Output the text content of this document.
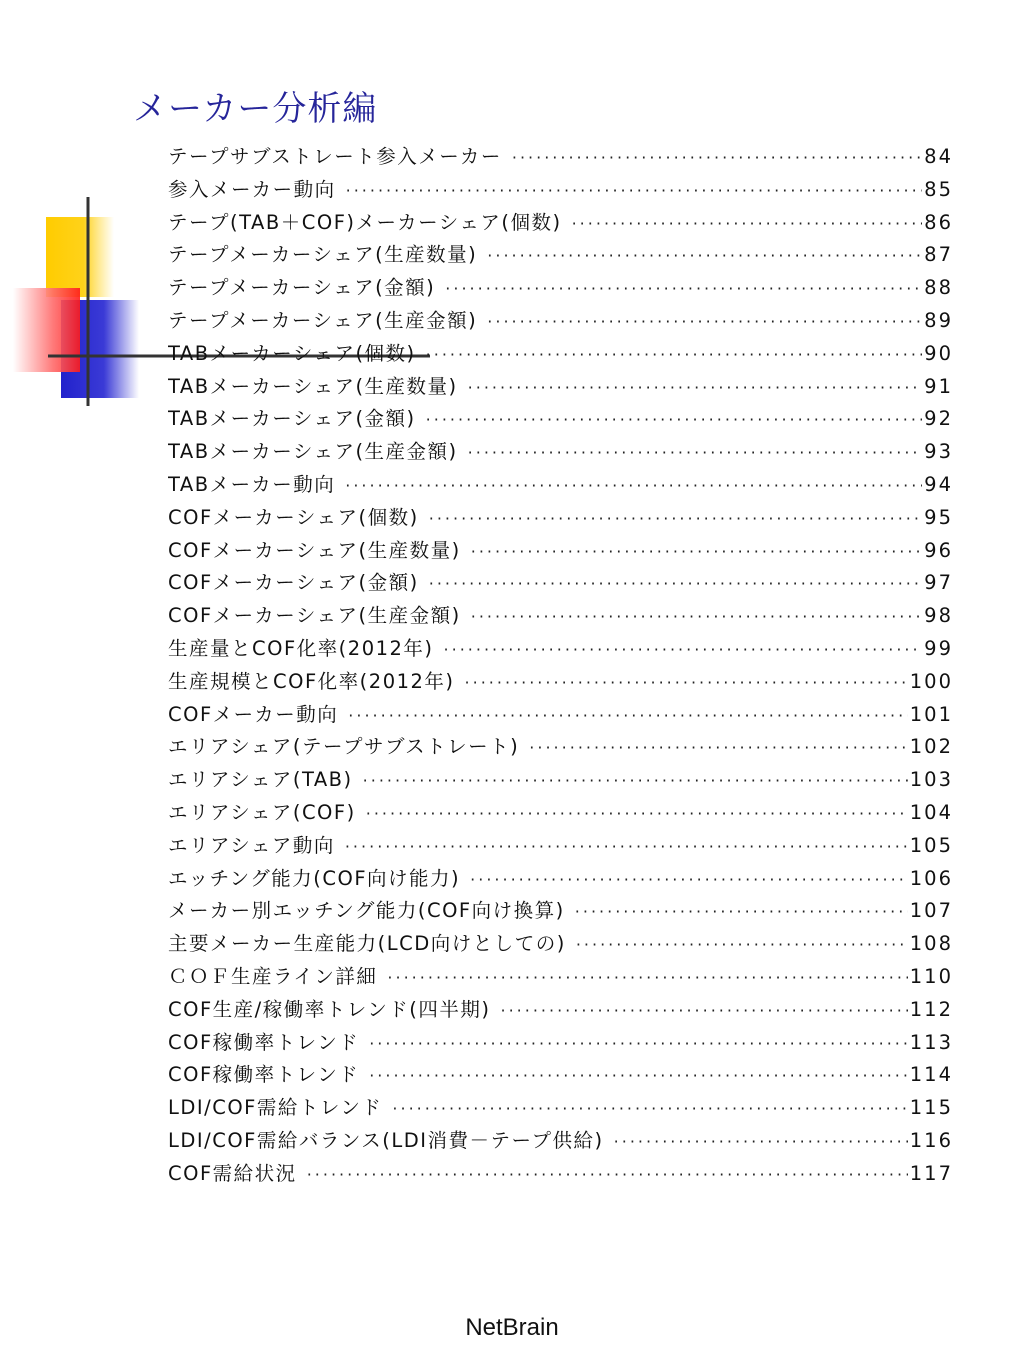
メーカー分析編
テープサブストレート参入メーカー ·····	84
参入メーカー動向 ·····	85
テープ(TAB＋COF)メーカーシェア(個数) ·····	86
テープメーカーシェア(生産数量) ·····	87
テープメーカーシェア(金額) ·····	88
テープメーカーシェア(生産金額) ·····	89
TABメーカーシェア(個数) ·····	90
TABメーカーシェア(生産数量) ·····	91
TABメーカーシェア(金額) ·····	92
TABメーカーシェア(生産金額) ·····	93
TABメーカー動向 ·····	94
COFメーカーシェア(個数) ·····	95
COFメーカーシェア(生産数量) ·····	96
COFメーカーシェア(金額) ·····	97
COFメーカーシェア(生産金額) ·····	98
生産量とCOF化率(2012年) ·····	99
生産規模とCOF化率(2012年) ·····	100
COFメーカー動向 ·····	101
エリアシェア(テープサブストレート) ·····	102
エリアシェア(TAB) ·····	103
エリアシェア(COF) ·····	104
エリアシェア動向 ·····	105
エッチング能力(COF向け能力) ·····	106
メーカー別エッチング能力(COF向け換算) ·····	107
主要メーカー生産能力(LCD向けとしての) ·····	108
ＣＯＦ生産ライン詳細 ·····	110
COF生産/稼働率トレンド(四半期) ·····	112
COF稼働率トレンド ·····	113
COF稼働率トレンド ·····	114
LDI/COF需給トレンド ·····	115
LDI/COF需給バランス(LDI消費－テープ供給) ·····	116
COF需給状況 ·····	117
NetBrain
